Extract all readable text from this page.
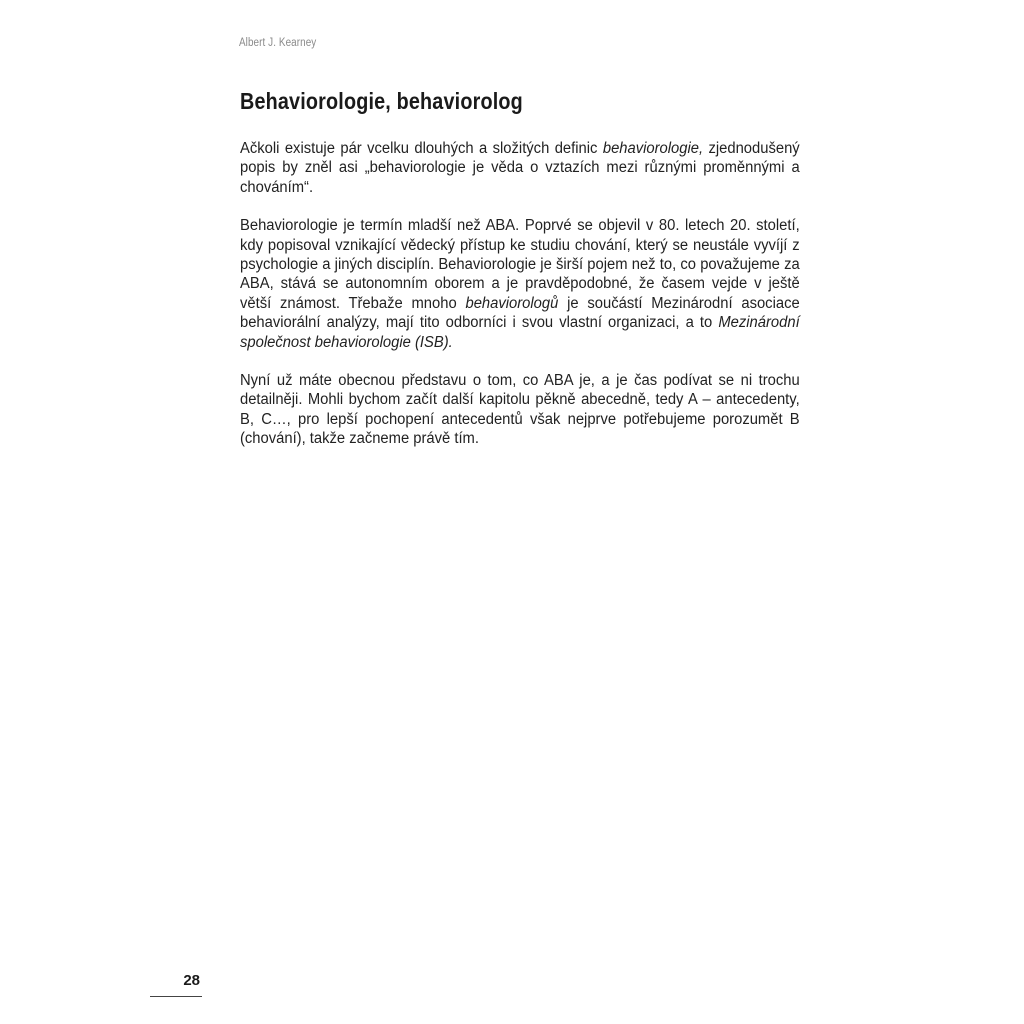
Albert J. Kearney
Behaviorologie, behaviorolog

Ačkoli existuje pár vcelku dlouhých a složitých definic behaviorologie, zjednodušený popis by zněl asi „behaviorologie je věda o vztazích mezi různými proměnnými a chováním“.

Behaviorologie je termín mladší než ABA. Poprvé se objevil v 80. letech 20. století, kdy popisoval vznikající vědecký přístup ke studiu chování, který se neustále vyvíjí z psychologie a jiných disciplín. Behaviorologie je širší pojem než to, co považujeme za ABA, stává se autonomním oborem a je pravděpodobné, že časem vejde v ještě větší známost. Třebaže mnoho behaviorologů je součástí Mezinárodní asociace behaviorální analýzy, mají tito odborníci i svou vlastní organizaci, a to Mezinárodní společnost behaviorologie (ISB).

Nyní už máte obecnou představu o tom, co ABA je, a je čas podívat se ni trochu detailněji. Mohli bychom začít další kapitolu pěkně abecedně, tedy A – antecedenty, B, C…, pro lepší pochopení antecedentů však nejprve potřebujeme porozumět B (chování), takže začneme právě tím.

28
